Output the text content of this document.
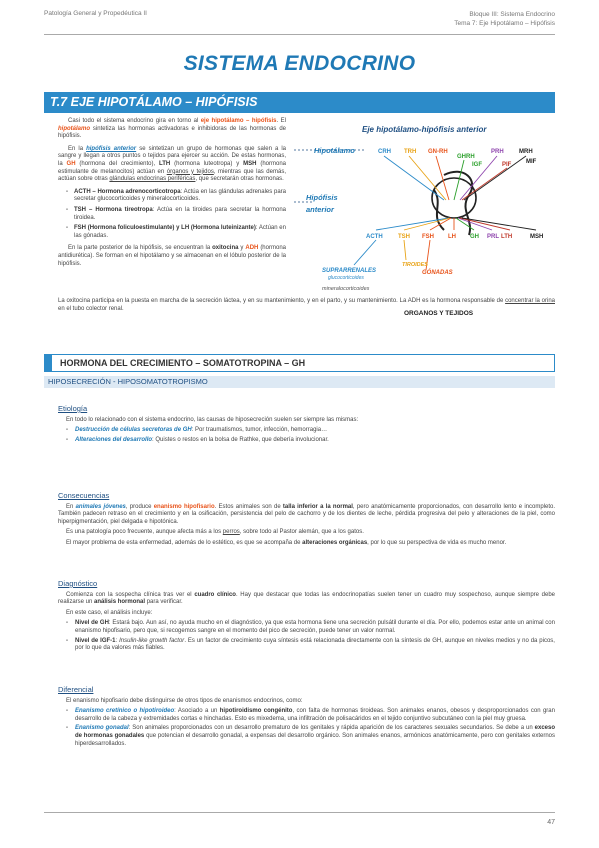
Patología General y Propedéutica II	Bloque III: Sistema Endocrino
Tema 7: Eje Hipotálamo – Hipófisis
SISTEMA ENDOCRINO
T.7 EJE HIPOTÁLAMO – HIPÓFISIS

Casi todo el sistema endocrino gira en torno al eje hipotálamo – hipófisis. El hipotálamo sintetiza las hormonas activadoras e inhibidoras de las hormonas de hipófisis.

En la hipófisis anterior se sintetizan un grupo de hormonas que salen a la sangre y llegan a otros puntos o tejidos para ejercer su acción. De estas hormonas, la GH (hormona del crecimiento), LTH (hormona luteotropa) y MSH (hormona estimulante de melanocitos) actúan en órganos y tejidos, mientras que las demás, actúan sobre otras glándulas endocrinas periféricas, que secretarán otras hormonas.

- ACTH – Hormona adrenocorticotropa: Actúa en las glándulas adrenales para secretar glucocorticoides y mineralocorticoides.
- TSH – Hormona tireotropa: Actúa en la tiroides para secretar la hormona tiroidea.
- FSH (Hormona foliculoestimulante) y LH (Hormona luteinizante): Actúan en las gónadas.

En la parte posterior de la hipófisis, se encuentran la oxitocina y ADH (hormona antidiurética). Se forman en el hipotálamo y se almacenan en el lóbulo posterior de la hipófisis.

Eje hipotálamo-hipófisis anterior
Hipotálamo
Hipófisis
anterior
CRH TRH GN-RH
GHRH
IGF
PRH
PIF
MRH
MIF
ACTH	TSH FSH LH GH PRL LTH	MSH
TIROIDES
SUPRARRENALES
glucocorticoides
GÓNADAS
mineralocorticoides
ORGANOS Y TEJIDOS
La oxitocina participa en la puesta en marcha de la secreción láctea, y en su mantenimiento, y en el parto, y su mantenimiento. La ADH es la hormona responsable de concentrar la orina en el tubo colector renal.
HORMONA DEL CRECIMIENTO – SOMATOTROPINA – GH
HIPOSECRECIÓN - HIPOSOMATOTROPISMO
Etiología

En todo lo relacionado con el sistema endocrino, las causas de hiposecreción suelen ser siempre las mismas:

- Destrucción de células secretoras de GH: Por traumatismos, tumor, infección, hemorragia…
- Alteraciones del desarrollo: Quistes o restos en la bolsa de Rathke, que debería involucionar.
Consecuencias

En animales jóvenes, produce enanismo hipofisario. Estos animales son de talla inferior a la normal, pero anatómicamente proporcionados, con desarrollo lento e incompleto. También padecen retraso en el crecimiento y en la osificación, persistencia del pelo de cachorro y de los dientes de leche, pérdida progresiva del pelo y alteraciones de la piel, como hiperpigmentación, piel delgada e hipotónica.

Es una patología poco frecuente, aunque afecta más a los perros, sobre todo al Pastor alemán, que a los gatos.

El mayor problema de esta enfermedad, además de lo estético, es que se acompaña de alteraciones orgánicas, por lo que su perspectiva de vida es mucho menor.

Diagnóstico

Comienza con la sospecha clínica tras ver el cuadro clínico. Hay que destacar que todas las endocrinopatías suelen tener un cuadro muy sospechoso, aunque siempre debe realizarse un análisis hormonal para verificar.

En este caso, el análisis incluye:

- Nivel de GH: Estará bajo. Aun así, no ayuda mucho en el diagnóstico, ya que esta hormona tiene una secreción pulsátil durante el día. Por ello, podemos estar ante un animal con enanismo hipofisario, pero que, si recogemos sangre en el momento del pico de secreción, puede tener un valor normal.
- Nivel de IGF-1: Insulin-like growth factor. Es un factor de crecimiento cuya síntesis está relacionada directamente con la síntesis de GH, aunque en niveles medios y no da picos, por lo que da valores más fiables.
Diferencial

El enanismo hipofisario debe distinguirse de otros tipos de enanismos endocrinos, como:

- Enanismo cretínico o hipotiroideo: Asociado a un hipotiroidismo congénito, con falta de hormonas tiroideas. Son animales enanos, obesos y desproporcionados con gran desarrollo de la cabeza y extremidades cortas e hinchadas. Esto es mixedema, una infiltración de polisacáridos en el tejido conjuntivo subcutáneo con la piel muy gruesa.
- Enanismo gonadal: Son animales proporcionados con un desarrollo prematuro de los genitales y rápida aparición de los caracteres sexuales secundarios. Se debe a un exceso de hormonas gonadales que potencian el desarrollo gonadal, a expensas del desarrollo orgánico. Son animales enanos, armónicos anatómicamente, pero con genitales externos hiperdesarrollados.
47
